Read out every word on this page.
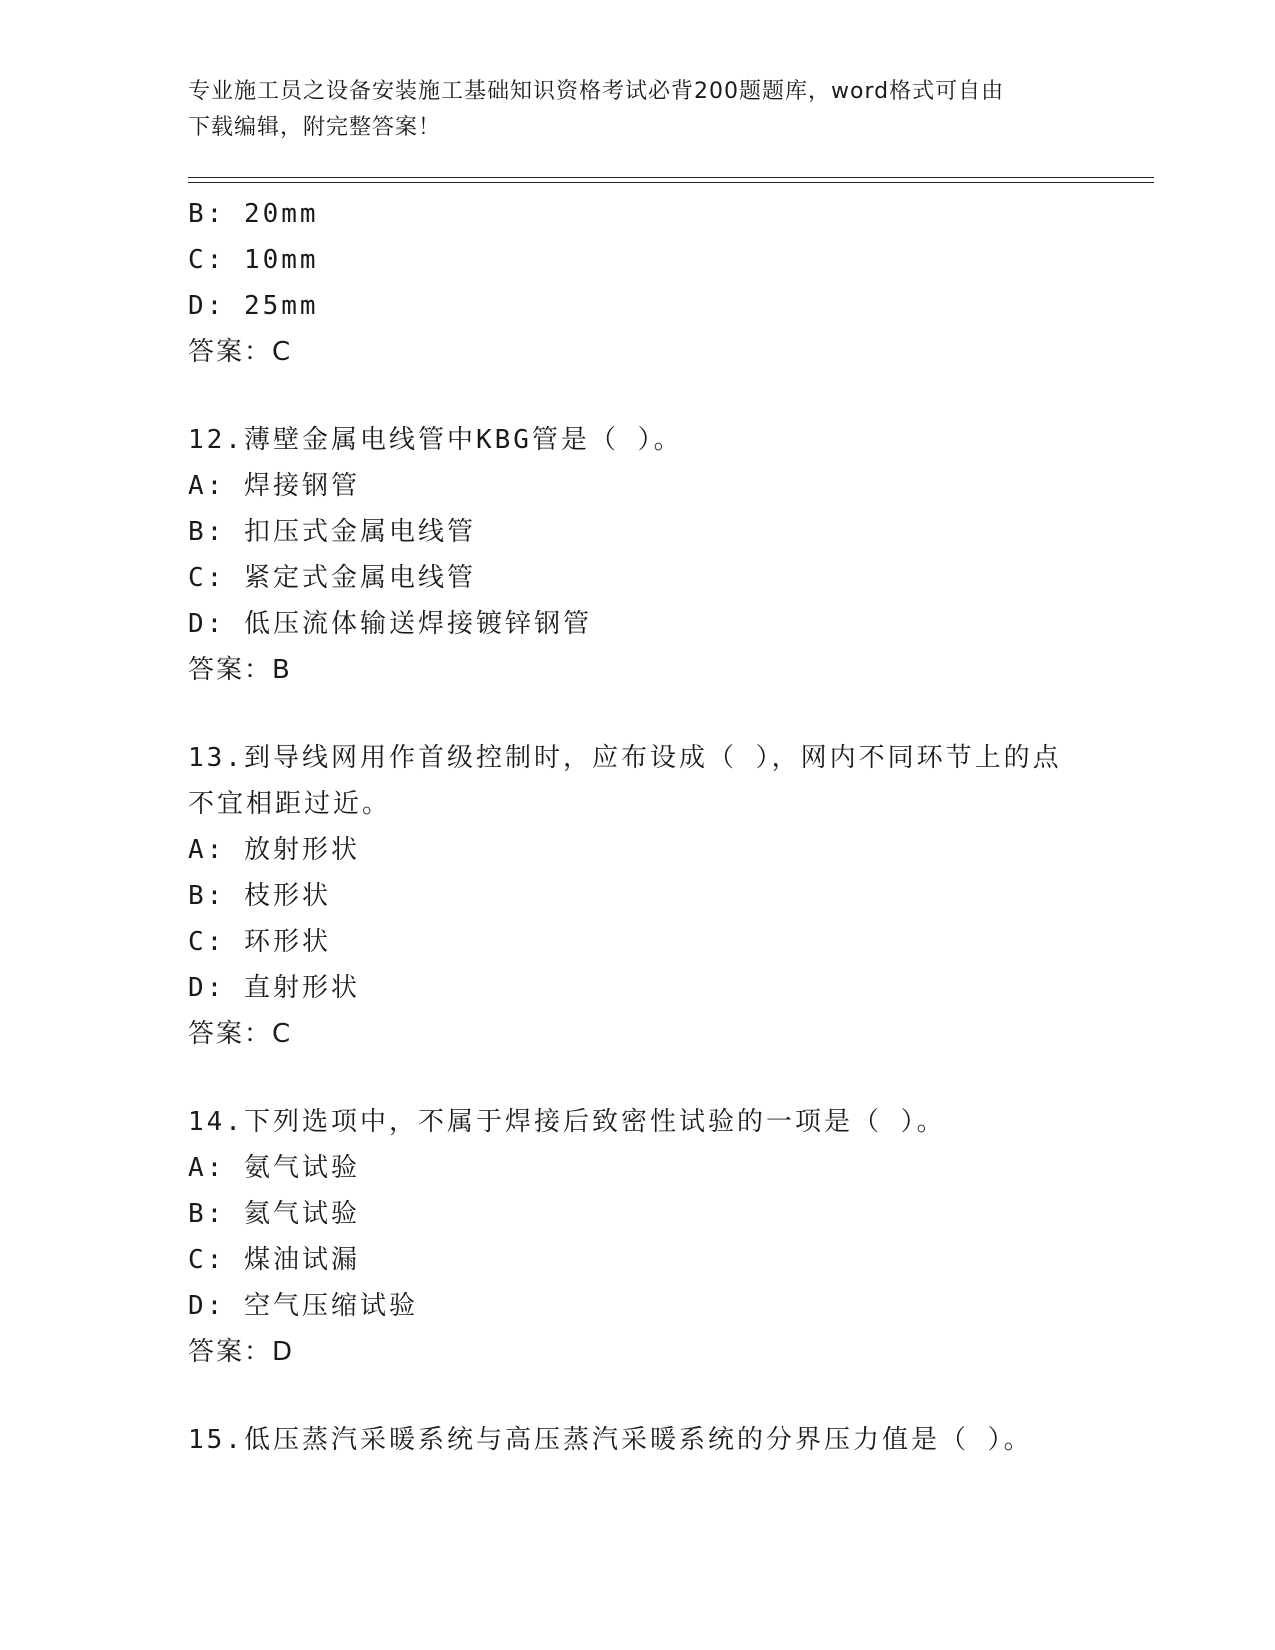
专业施工员之设备安装施工基础知识资格考试必背200题题库，word格式可自由
下载编辑，附完整答案！
B: 20mm
C: 10mm
D: 25mm
答案：C
12.薄壁金属电线管中KBG管是（ ）。
A: 焊接钢管
B: 扣压式金属电线管
C: 紧定式金属电线管
D: 低压流体输送焊接镀锌钢管
答案：B
13.到导线网用作首级控制时，应布设成（ ），网内不同环节上的点
不宜相距过近。
A: 放射形状
B: 枝形状
C: 环形状
D: 直射形状
答案：C
14.下列选项中，不属于焊接后致密性试验的一项是（ ）。
A: 氨气试验
B: 氦气试验
C: 煤油试漏
D: 空气压缩试验
答案：D
15.低压蒸汽采暖系统与高压蒸汽采暖系统的分界压力值是（ ）。
